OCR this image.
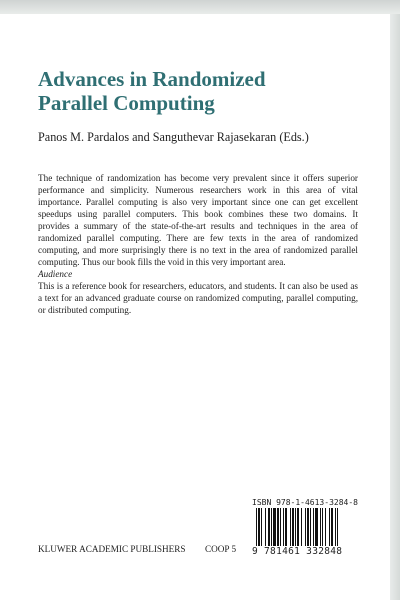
Advances in Randomized
Parallel Computing
Panos M. Pardalos and Sanguthevar Rajasekaran (Eds.)

The technique of randomization has become very prevalent since it offers superior performance and simplicity. Numerous researchers work in this area of vital importance. Parallel computing is also very important since one can get excellent speedups using parallel computers. This book combines these two domains. It provides a summary of the state-of-the-art results and techniques in the area of randomized parallel computing. There are few texts in the area of randomized computing, and more surprisingly there is no text in the area of randomized parallel computing. Thus our book fills the void in this very important area.

Audience

This is a reference book for researchers, educators, and students. It can also be used as a text for an advanced graduate course on randomized computing, parallel computing, or distributed computing.

KLUWER ACADEMIC PUBLISHERS COOP 5
ISBN 978-1-4613-3284-8
9 781461 332848
